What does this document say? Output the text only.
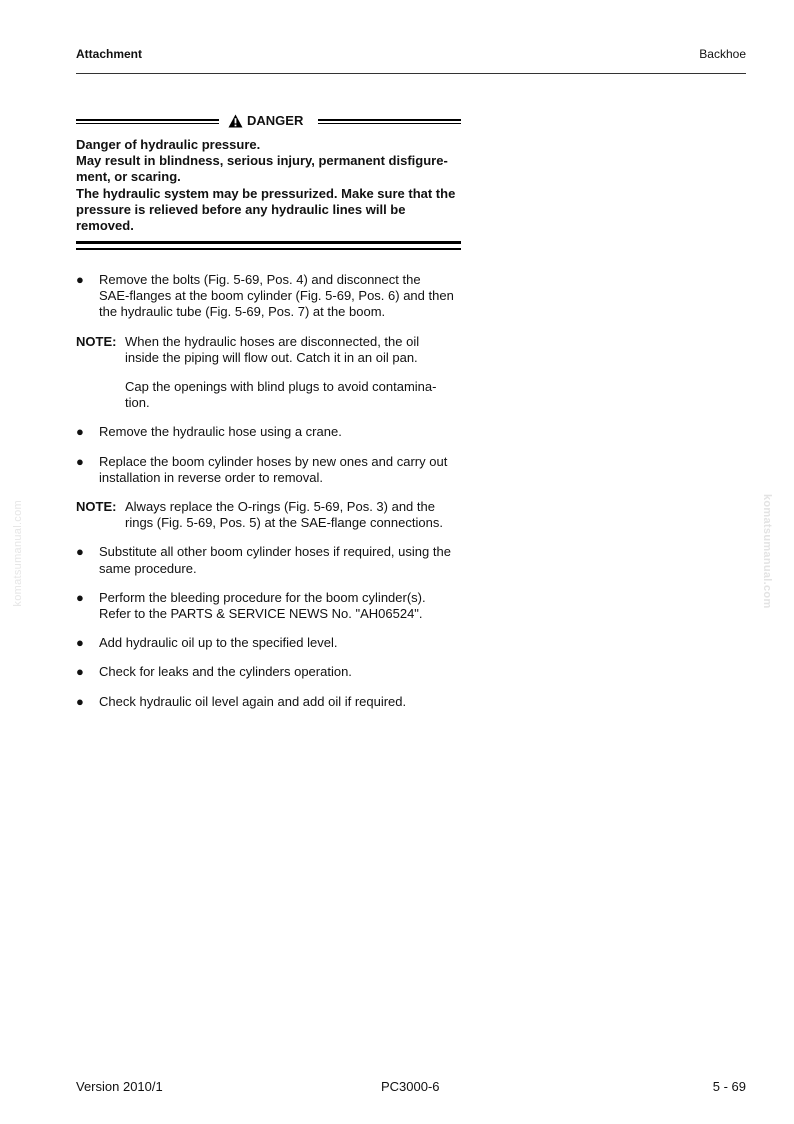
Attachment	Backhoe
DANGER
Danger of hydraulic pressure.
May result in blindness, serious injury, permanent disfigure-
ment, or scaring.
The hydraulic system may be pressurized. Make sure that the
pressure is relieved before any hydraulic lines will be
removed.
● Remove the bolts (Fig. 5-69, Pos. 4) and disconnect the
SAE-flanges at the boom cylinder (Fig. 5-69, Pos. 6) and then
the hydraulic tube (Fig. 5-69, Pos. 7) at the boom.
NOTE: When the hydraulic hoses are disconnected, the oil
inside the piping will flow out. Catch it in an oil pan.
Cap the openings with blind plugs to avoid contamina-
tion.
● Remove the hydraulic hose using a crane.
● Replace the boom cylinder hoses by new ones and carry out
installation in reverse order to removal.
NOTE: Always replace the O-rings (Fig. 5-69, Pos. 3) and the
rings (Fig. 5-69, Pos. 5) at the SAE-flange connections.
● Substitute all other boom cylinder hoses if required, using the
same procedure.
● Perform the bleeding procedure for the boom cylinder(s).
Refer to the PARTS & SERVICE NEWS No. "AH06524".
● Add hydraulic oil up to the specified level.
● Check for leaks and the cylinders operation.
● Check hydraulic oil level again and add oil if required.
komatsumanual.com	komatsumanual.com
Version 2010/1	PC3000-6	5 - 69
